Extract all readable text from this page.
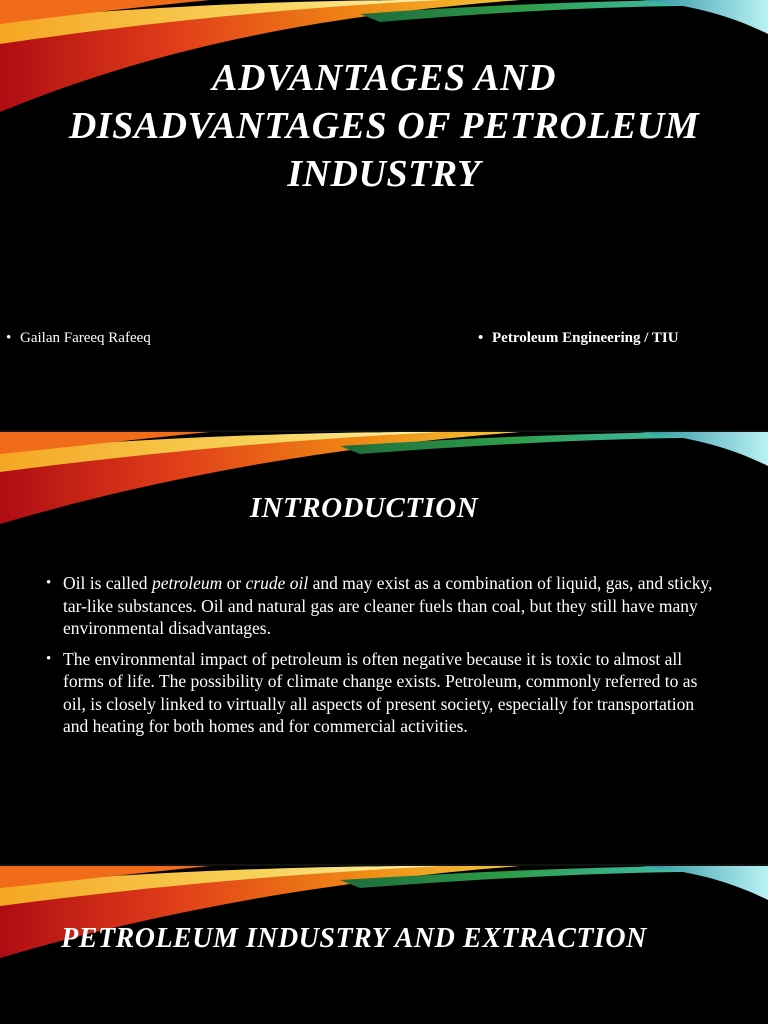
ADVANTAGES AND DISADVANTAGES OF PETROLEUM INDUSTRY
• Gailan Fareeq Rafeeq
•	Petroleum Engineering / TIU
INTRODUCTION
• Oil is called petroleum or crude oil and may exist as a combination of liquid, gas, and sticky, tar-like substances. Oil and natural gas are cleaner fuels than coal, but they still have many environmental disadvantages.
• The environmental impact of petroleum is often negative because it is toxic to almost all forms of life. The possibility of climate change exists. Petroleum, commonly referred to as oil, is closely linked to virtually all aspects of present society, especially for transportation and heating for both homes and for commercial activities.
PETROLEUM INDUSTRY AND EXTRACTION
